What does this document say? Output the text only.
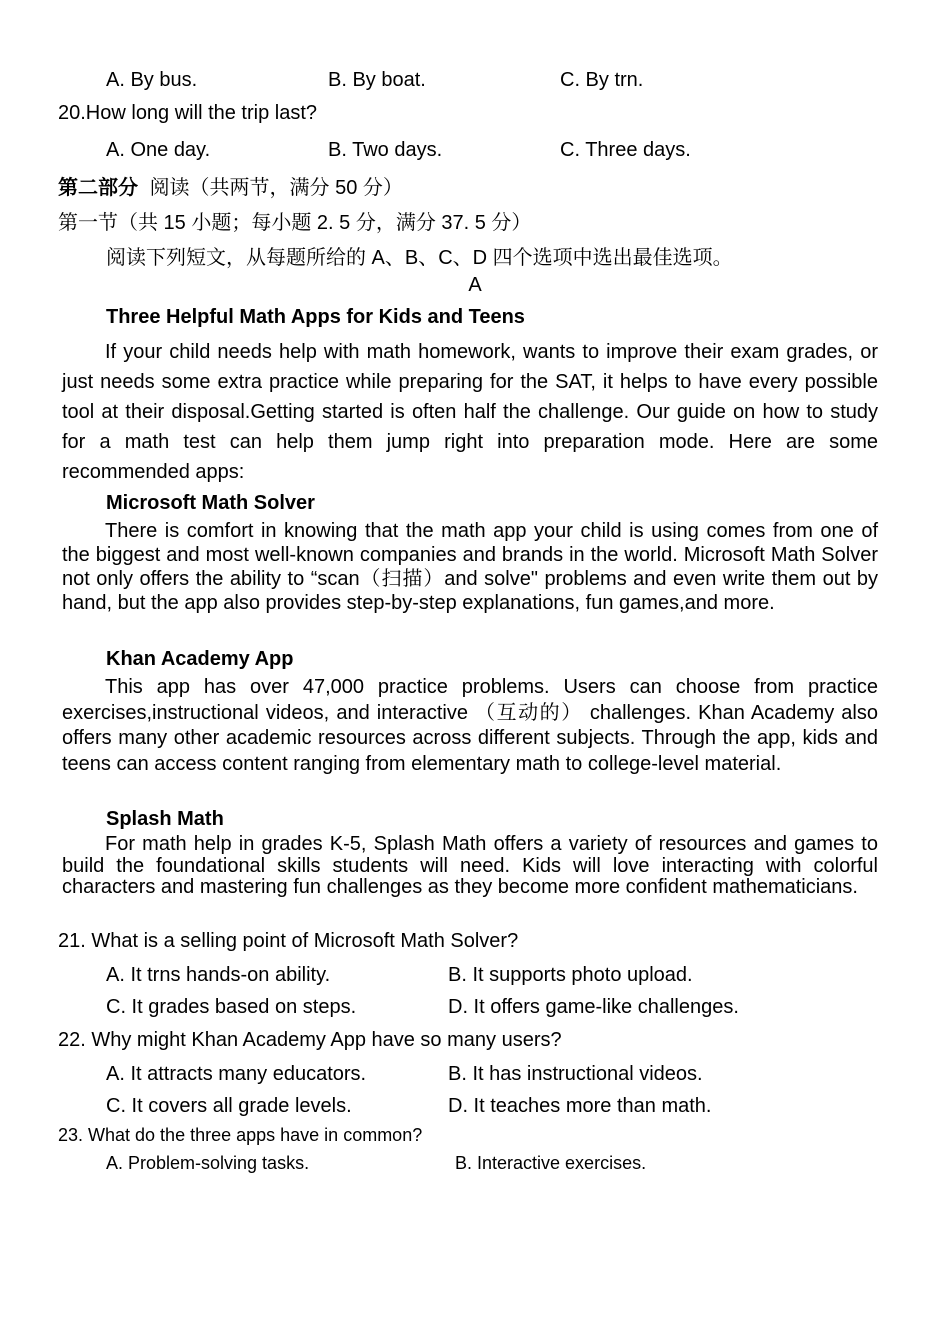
A. By bus.	B. By boat.	C. By trn.
20.How long will the trip last?
A. One day.	B. Two days.	C. Three days.
第二部分 阅读（共两节，满分 50 分）
第一节（共 15 小题；每小题 2. 5 分，满分 37. 5 分）
阅读下列短文，从每题所给的 A、B、C、D 四个选项中选出最佳选项。
A
Three Helpful Math Apps for Kids and Teens
If your child needs help with math homework, wants to improve their exam grades, or just needs some extra practice while preparing for the SAT, it helps to have every possible tool at their disposal.Getting started is often half the challenge. Our guide on how to study for a math test can help them jump right into preparation mode. Here are some recommended apps:
Microsoft Math Solver
There is comfort in knowing that the math app your child is using comes from one of the biggest and most well-known companies and brands in the world. Microsoft Math Solver not only offers the ability to “scan（扫描）and solve" problems and even write them out by hand, but the app also provides step-by-step explanations, fun games,and more.
Khan Academy App
This app has over 47,000 practice problems. Users can choose from practice exercises,instructional videos, and interactive （互动的） challenges. Khan Academy also offers many other academic resources across different subjects. Through the app, kids and teens can access content ranging from elementary math to college-level material.
Splash Math
For math help in grades K-5, Splash Math offers a variety of resources and games to build the foundational skills students will need. Kids will love interacting with colorful characters and mastering fun challenges as they become more confident mathematicians.
21. What is a selling point of Microsoft Math Solver?
A. It trns hands-on ability.	B. It supports photo upload.
C. It grades based on steps.	D. It offers game-like challenges.
22. Why might Khan Academy App have so many users?
A. It attracts many educators.	B. It has instructional videos.
C. It covers all grade levels.	D. It teaches more than math.
23. What do the three apps have in common?
A. Problem-solving tasks.	B. Interactive exercises.
